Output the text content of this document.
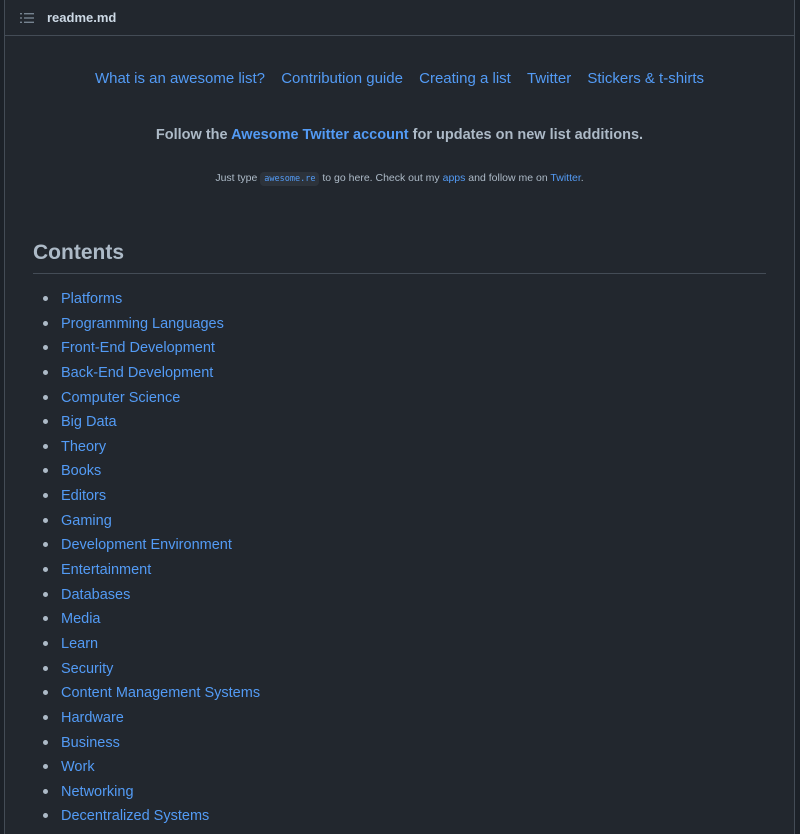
readme.md
What is an awesome list? Contribution guide Creating a list Twitter Stickers & t-shirts
Follow the Awesome Twitter account for updates on new list additions.
Just type awesome.re to go here. Check out my apps and follow me on Twitter.
Contents
Platforms
Programming Languages
Front-End Development
Back-End Development
Computer Science
Big Data
Theory
Books
Editors
Gaming
Development Environment
Entertainment
Databases
Media
Learn
Security
Content Management Systems
Hardware
Business
Work
Networking
Decentralized Systems
